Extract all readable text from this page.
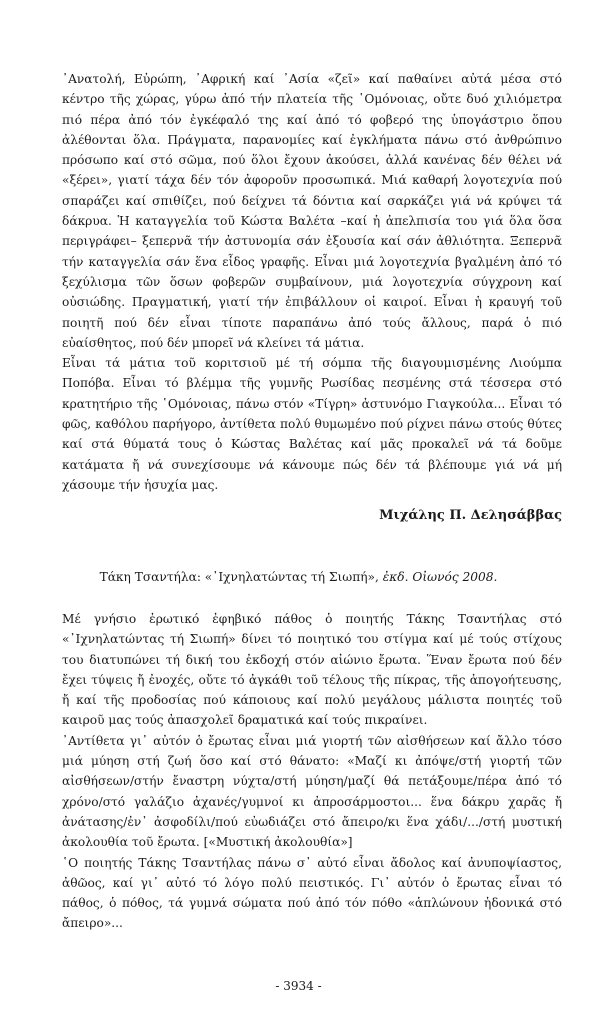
᾿Ανατολή, Εὐρώπη, ᾿Αφρική καί ᾿Ασία «ζεῖ» καί παθαίνει αὐτά μέσα στό κέντρο τῆς χώρας, γύρω ἀπό τήν πλατεία τῆς ῾Ομόνοιας, οὔτε δυό χιλιόμετρα πιό πέρα ἀπό τόν ἐγκέφαλό της καί ἀπό τό φοβερό της ὑπογάστριο ὅπου ἀλέθονται ὅλα. Πράγματα, παρανομίες καί ἐγκλήματα πάνω στό ἀνθρώπινο πρόσωπο καί στό σῶμα, πού ὅλοι ἔχουν ἀκούσει, ἀλλά κανένας δέν θέλει νά «ξέρει», γιατί τάχα δέν τόν ἀφοροῦν προσωπικά. Μιά καθαρή λογοτεχνία πού σπαράζει καί σπιθίζει, πού δείχνει τά δόντια καί σαρκάζει γιά νά κρύψει τά δάκρυα. Ἡ καταγγελία τοῦ Κώστα Βαλέτα –καί ἡ ἀπελπισία του γιά ὅλα ὅσα περιγράφει– ξεπερνᾶ τήν ἀστυνομία σάν ἐξουσία καί σάν ἀθλιότητα. Ξεπερνᾶ τήν καταγγελία σάν ἕνα εἶδος γραφῆς. Εἶναι μιά λογοτεχνία βγαλμένη ἀπό τό ξεχύλισμα τῶν ὅσων φοβερῶν συμβαίνουν, μιά λογοτεχνία σύγχρονη καί οὐσιώδης. Πραγματική, γιατί τήν ἐπιβάλλουν οἱ καιροί. Εἶναι ἡ κραυγή τοῦ ποιητῆ πού δέν εἶναι τίποτε παραπάνω ἀπό τούς ἄλλους, παρά ὁ πιό εὐαίσθητος, πού δέν μπορεῖ νά κλείνει τά μάτια.

Εἶναι τά μάτια τοῦ κοριτσιοῦ μέ τή σόμπα τῆς διαγουμισμένης Λιούμπα Ποπόβα. Εἶναι τό βλέμμα τῆς γυμνῆς Ρωσίδας πεσμένης στά τέσσερα στό κρατητήριο τῆς ῾Ομόνοιας, πάνω στόν «Τίγρη» ἀστυνόμο Γιαγκούλα... Εἶναι τό φῶς, καθόλου παρήγορο, ἀντίθετα πολύ θυμωμένο πού ρίχνει πάνω στούς θύτες καί στά θύματά τους ὁ Κώστας Βαλέτας καί μᾶς προκαλεῖ νά τά δοῦμε κατάματα ἤ νά συνεχίσουμε νά κάνουμε πώς δέν τά βλέπουμε γιά νά μή χάσουμε τήν ἡσυχία μας.

Μιχάλης Π. Δελησάββας
Τάκη Τσαντήλα: «᾿Ιχνηλατώντας τή Σιωπή», ἐκδ. Οἰωνός 2008.

Μέ γνήσιο ἐρωτικό ἐφηβικό πάθος ὁ ποιητής Τάκης Τσαντήλας στό «᾿Ιχνηλατώντας τή Σιωπή» δίνει τό ποιητικό του στίγμα καί μέ τούς στίχους του διατυπώνει τή δική του ἐκδοχή στόν αἰώνιο ἔρωτα. Ἕναν ἔρωτα πού δέν ἔχει τύψεις ἤ ἐνοχές, οὔτε τό ἀγκάθι τοῦ τέλους τῆς πίκρας, τῆς ἀπογοήτευσης, ἤ καί τῆς προδοσίας πού κάποιους καί πολύ μεγάλους μάλιστα ποιητές τοῦ καιροῦ μας τούς ἀπασχολεῖ δραματικά καί τούς πικραίνει.

᾿Αντίθετα γι᾿ αὐτόν ὁ ἔρωτας εἶναι μιά γιορτή τῶν αἰσθήσεων καί ἄλλο τόσο μιά μύηση στή ζωή ὅσο καί στό θάνατο: «Μαζί κι ἀπόψε/στή γιορτή τῶν αἰσθήσεων/στήν ἔναστρη νύχτα/στή μύηση/μαζί θά πετάξουμε/πέρα ἀπό τό χρόνο/στό γαλάζιο ἀχανές/γυμνοί κι ἀπροσάρμοστοι... ἕνα δάκρυ χαρᾶς ἤ ἀνάτασης/ἐν᾿ ἀσφοδίλι/πού εὐωδιάζει στό ἄπειρο/κι ἕνα χάδι/.../στή μυστική ἀκολουθία τοῦ ἔρωτα. [«Μυστική ἀκολουθία»]

῾Ο ποιητής Τάκης Τσαντήλας πάνω σ᾿ αὐτό εἶναι ἄδολος καί ἀνυποψίαστος, ἀθῶος, καί γι᾿ αὐτό τό λόγο πολύ πειστικός. Γι᾿ αὐτόν ὁ ἔρωτας εἶναι τό πάθος, ὁ πόθος, τά γυμνά σώματα πού ἀπό τόν πόθο «ἁπλώνουν ἡδονικά στό ἄπειρο»...

- 3934 -
